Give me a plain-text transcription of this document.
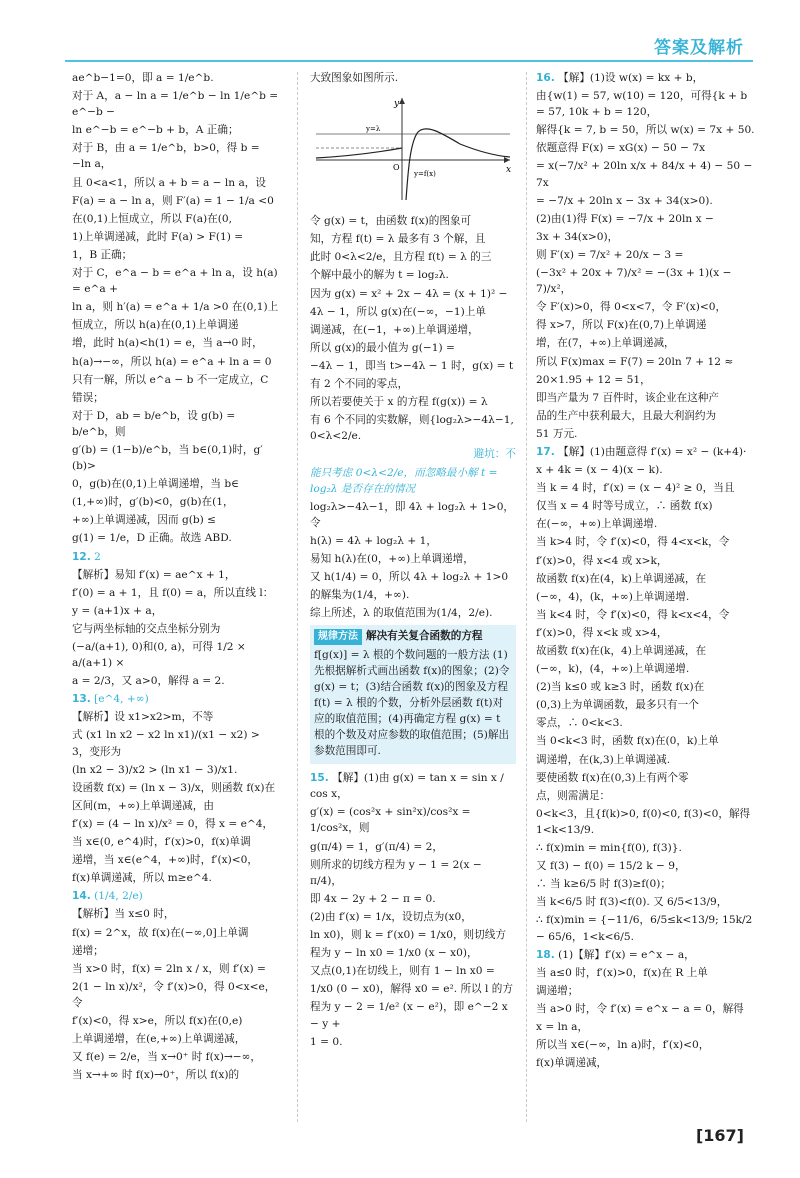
答案及解析

ae^b−1=0，即 a = 1/e^b.

对于 A，a − ln a = 1/e^b − ln 1/e^b = e^−b −

ln e^−b = e^−b + b，A 正确；

对于 B，由 a = 1/e^b，b>0，得 b = −ln a，

且 0<a<1，所以 a + b = a − ln a，设

F(a) = a − ln a，则 F′(a) = 1 − 1/a <0

在(0,1)上恒成立，所以 F(a)在(0,

1)上单调递减，此时 F(a) > F(1) =

1，B 正确；

对于 C，e^a − b = e^a + ln a，设 h(a) = e^a +

ln a，则 h′(a) = e^a + 1/a >0 在(0,1)上

恒成立，所以 h(a)在(0,1)上单调递

增，此时 h(a)<h(1) = e，当 a→0 时，

h(a)→−∞，所以 h(a) = e^a + ln a = 0

只有一解，所以 e^a − b 不一定成立，C

错误；

对于 D，ab = b/e^b，设 g(b) = b/e^b，则

g′(b) = (1−b)/e^b，当 b∈(0,1)时，g′(b)>

0，g(b)在(0,1)上单调递增，当 b∈

(1,+∞)时，g′(b)<0，g(b)在(1，

+∞)上单调递减，因而 g(b) ≤

g(1) = 1/e，D 正确。故选 ABD.

12. 2

【解析】易知 f′(x) = ae^x + 1，

f′(0) = a + 1，且 f(0) = a，所以直线 l：

y = (a+1)x + a，

它与两坐标轴的交点坐标分别为

(−a/(a+1), 0)和(0, a)，可得 1/2 × a/(a+1) ×

a = 2/3，又 a>0，解得 a = 2.

13. [e^4, +∞)

【解析】设 x1>x2>m，不等

式 (x1 ln x2 − x2 ln x1)/(x1 − x2) > 3，变形为

(ln x2 − 3)/x2 > (ln x1 − 3)/x1.

设函数 f(x) = (ln x − 3)/x，则函数 f(x)在

区间(m，+∞)上单调递减，由

f′(x) = (4 − ln x)/x² = 0，得 x = e^4，

当 x∈(0, e^4)时，f′(x)>0，f(x)单调

递增，当 x∈(e^4，+∞)时，f′(x)<0，

f(x)单调递减，所以 m≥e^4.

14. (1/4, 2/e)

【解析】当 x≤0 时，

f(x) = 2^x，故 f(x)在(−∞,0]上单调

递增；

当 x>0 时，f(x) = 2ln x / x，则 f′(x) =

2(1 − ln x)/x²，令 f′(x)>0，得 0<x<e，令

f′(x)<0，得 x>e，所以 f(x)在(0,e)

上单调递增，在(e,+∞)上单调递减，

又 f(e) = 2/e，当 x→0⁺ 时 f(x)→−∞，

当 x→+∞ 时 f(x)→0⁺，所以 f(x)的

大致图象如图所示.

y
x
O
y=λ
y=f(x)

令 g(x) = t，由函数 f(x)的图象可

知，方程 f(t) = λ 最多有 3 个解，且

此时 0<λ<2/e，且方程 f(t) = λ 的三

个解中最小的解为 t = log₂λ.

因为 g(x) = x² + 2x − 4λ = (x + 1)² −

4λ − 1，所以 g(x)在(−∞，−1)上单

调递减，在(−1，+∞)上单调递增，

所以 g(x)的最小值为 g(−1) =

−4λ − 1，即当 t>−4λ − 1 时，g(x) = t

有 2 个不同的零点，

所以若要使关于 x 的方程 f(g(x)) = λ

有 6 个不同的实数解，则{log₂λ>−4λ−1, 0<λ<2/e.

避坑：不

能只考虑 0<λ<2/e，而忽略最小解 t = log₂λ 是否存在的情况

log₂λ>−4λ−1，即 4λ + log₂λ + 1>0，令

h(λ) = 4λ + log₂λ + 1，

易知 h(λ)在(0，+∞)上单调递增，

又 h(1/4) = 0，所以 4λ + log₂λ + 1>0

的解集为(1/4，+∞).

综上所述，λ 的取值范围为(1/4，2/e).

规律方法 解决有关复合函数的方程

f[g(x)] = λ 根的个数问题的一般方法 (1)先根据解析式画出函数 f(x)的图象；(2)令 g(x) = t；(3)结合函数 f(x)的图象及方程 f(t) = λ 根的个数，分析外层函数 f(t)对应的取值范围；(4)再确定方程 g(x) = t 根的个数及对应参数的取值范围；(5)解出参数范围即可.

15. 【解】(1)由 g(x) = tan x = sin x / cos x，

g′(x) = (cos²x + sin²x)/cos²x = 1/cos²x，则

g(π/4) = 1，g′(π/4) = 2，

则所求的切线方程为 y − 1 = 2(x − π/4)，

即 4x − 2y + 2 − π = 0.

(2)由 f′(x) = 1/x，设切点为(x0，

ln x0)，则 k = f′(x0) = 1/x0，则切线方

程为 y − ln x0 = 1/x0 (x − x0)，

又点(0,1)在切线上，则有 1 − ln x0 =

1/x0 (0 − x0)，解得 x0 = e². 所以 l 的方

程为 y − 2 = 1/e² (x − e²)，即 e^−2 x − y +

1 = 0.

16. 【解】(1)设 w(x) = kx + b，

由{w(1) = 57, w(10) = 120，可得{k + b = 57, 10k + b = 120，

解得{k = 7, b = 50，所以 w(x) = 7x + 50.

依题意得 F(x) = xG(x) − 50 − 7x

= x(−7/x² + 20ln x/x + 84/x + 4) − 50 − 7x

= −7/x + 20ln x − 3x + 34(x>0).

(2)由(1)得 F(x) = −7/x + 20ln x −

3x + 34(x>0)，

则 F′(x) = 7/x² + 20/x − 3 =

(−3x² + 20x + 7)/x² = −(3x + 1)(x − 7)/x²，

令 F′(x)>0，得 0<x<7，令 F′(x)<0，

得 x>7，所以 F(x)在(0,7)上单调递

增，在(7，+∞)上单调递减，

所以 F(x)max = F(7) = 20ln 7 + 12 ≈

20×1.95 + 12 = 51，

即当产量为 7 百件时，该企业在这种产

品的生产中获利最大，且最大利润约为

51 万元.

17. 【解】(1)由题意得 f′(x) = x² − (k+4)·

x + 4k = (x − 4)(x − k).

当 k = 4 时，f′(x) = (x − 4)² ≥ 0，当且

仅当 x = 4 时等号成立，∴ 函数 f(x)

在(−∞，+∞)上单调递增.

当 k>4 时，令 f′(x)<0，得 4<x<k，令

f′(x)>0，得 x<4 或 x>k，

故函数 f(x)在(4，k)上单调递减，在

(−∞，4)，(k，+∞)上单调递增.

当 k<4 时，令 f′(x)<0，得 k<x<4，令

f′(x)>0，得 x<k 或 x>4，

故函数 f(x)在(k，4)上单调递减，在

(−∞，k)，(4，+∞)上单调递增.

(2)当 k≤0 或 k≥3 时，函数 f(x)在

(0,3)上为单调函数，最多只有一个

零点，∴ 0<k<3.

当 0<k<3 时，函数 f(x)在(0，k)上单

调递增，在(k,3)上单调递减.

要使函数 f(x)在(0,3)上有两个零

点，则需满足：

0<k<3，且{f(k)>0, f(0)<0, f(3)<0，解得 1<k<13/9.

∴ f(x)min = min{f(0), f(3)}.

又 f(3) − f(0) = 15/2 k − 9，

∴ 当 k≥6/5 时 f(3)≥f(0)；

当 k<6/5 时 f(3)<f(0). 又 6/5<13/9，

∴ f(x)min = {−11/6，6/5≤k<13/9; 15k/2 − 65/6，1<k<6/5.

18. (1)【解】f′(x) = e^x − a，

当 a≤0 时，f′(x)>0，f(x)在 R 上单

调递增；

当 a>0 时，令 f′(x) = e^x − a = 0，解得

x = ln a，

所以当 x∈(−∞，ln a)时，f′(x)<0，

f(x)单调递减，

[167]
